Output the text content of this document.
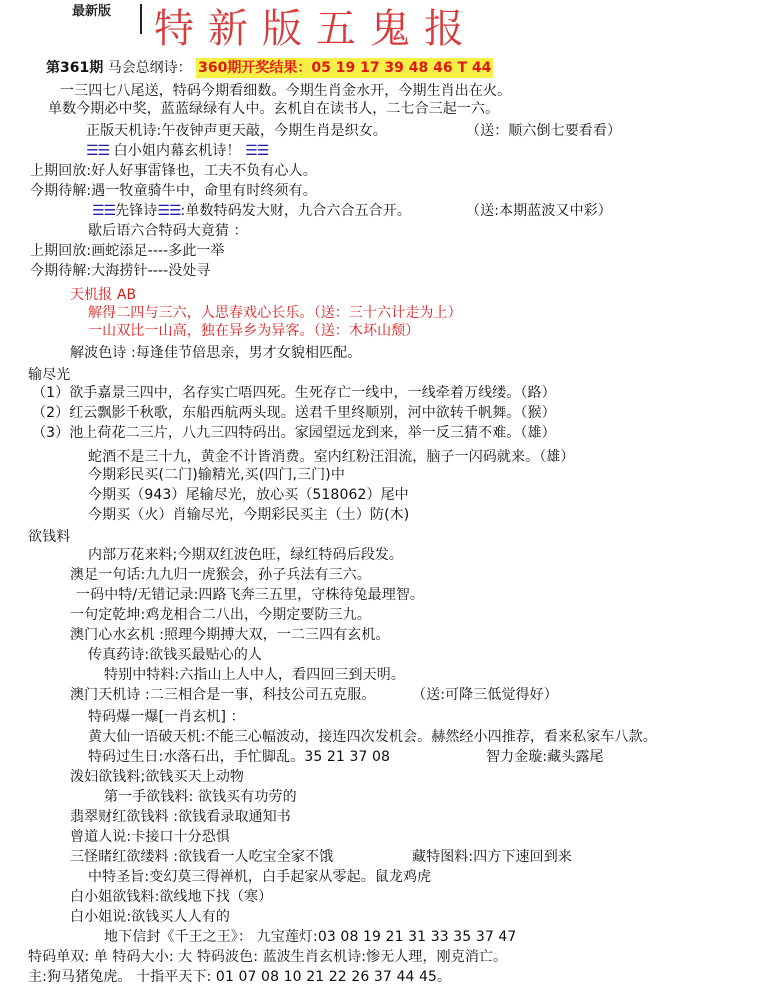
最新版 特新版五鬼报
第361期 马会总纲诗： 360期开奖结果：05 19 17 39 48 46 T 44
一三四七八尾送，特码今期看细数。今期生肖金水开，今期生肖出在火。
单数今期必中奖，蓝蓝绿绿有人中。玄机自在读书人，二七合三起一六。
正版天机诗:午夜钟声更天敲，今期生肖是织女。	（送：顺六倒七要看看）
☰☰ 白小姐内幕玄机诗！ ☰☰
上期回放:好人好事雷锋也，工夫不负有心人。
今期待解:遇一牧童骑牛中，命里有时终须有。
☰☰先锋诗☰☰:单数特码发大财，九合六合五合开。	（送:本期蓝波又中彩）
歇后语六合特码大竟猜 ：
上期回放:画蛇添足----多此一举
今期待解:大海捞针----没处寻
天机报 AB
解得二四与三六，人思春戏心长乐。（送：三十六计走为上）
一山双比一山高，独在异乡为异客。（送：木坏山颓）
解波色诗 :每逢佳节倍思亲，男才女貌相匹配。
输尽光
（1）欲手嘉景三四中，名存实亡唔四死。生死存亡一线中，一线牵着万线缕。（路）
（2）红云飘影千秋歌，东船西航两头现。送君千里终顺别，河中欲转千帆舞。（猴）
（3）池上荷花二三片，八九三四特码出。家园望远龙到来，举一反三猜不难。（雄）
蛇酒不是三十九，黄金不计皆消费。室内红粉汪泪流，脑子一闪码就来。（雄）
今期彩民买(二门)输精光,买(四门,三门)中
今期买（943）尾输尽光，放心买（518062）尾中
今期买（火）肖输尽光，今期彩民买主（土）防(木)
欲钱料
内部万花来料;今期双红波色旺，绿红特码后段发。
澳足一句话:九九归一虎猴会，孙子兵法有三六。
一码中特/无错记录:四路飞奔三五里，守株待兔最理智。
一句定乾坤:鸡龙相合二八出，今期定要防三九。
澳门心水玄机 :照理今期搏大双，一二三四有玄机。
传真药诗:欲钱买最贴心的人
特别中特料:六指山上人中人，看四回三到天明。
澳门天机诗 :二三相合是一事，科技公司五克服。	（送:可降三低觉得好）
特码爆一爆[一肖玄机] ：
黄大仙一语破天机:不能三心幅波动，接连四次发机会。赫然经小四推荐，看来私家车八款。
特码过生日:水落石出，手忙脚乱。35 21 37 08	智力金璇:藏头露尾
泼妇欲钱料;欲钱买天上动物
第一手欲钱料: 欲钱买有功劳的
翡翠财红欲钱料 :欲钱看录取通知书
曾道人说:卡接口十分恐惧
三怪睹红欲缕料 :欲钱看一人吃宝全家不饿	藏特图料:四方下速回到来
中特圣旨:变幻莫三得禅机，白手起家从零起。鼠龙鸡虎
白小姐欲钱料:欲线地下找（寒）
白小姐说:欲钱买人人有的
地下信封《千王之王》： 九宝莲灯:03 08 19 21 31 33 35 37 47
特码单双: 单 特码大小: 大 特码波色: 蓝波生肖玄机诗:惨无人理，刚克消亡。
主:狗马猪兔虎。 十指平天下: 01 07 08 10 21 22 26 37 44 45。
